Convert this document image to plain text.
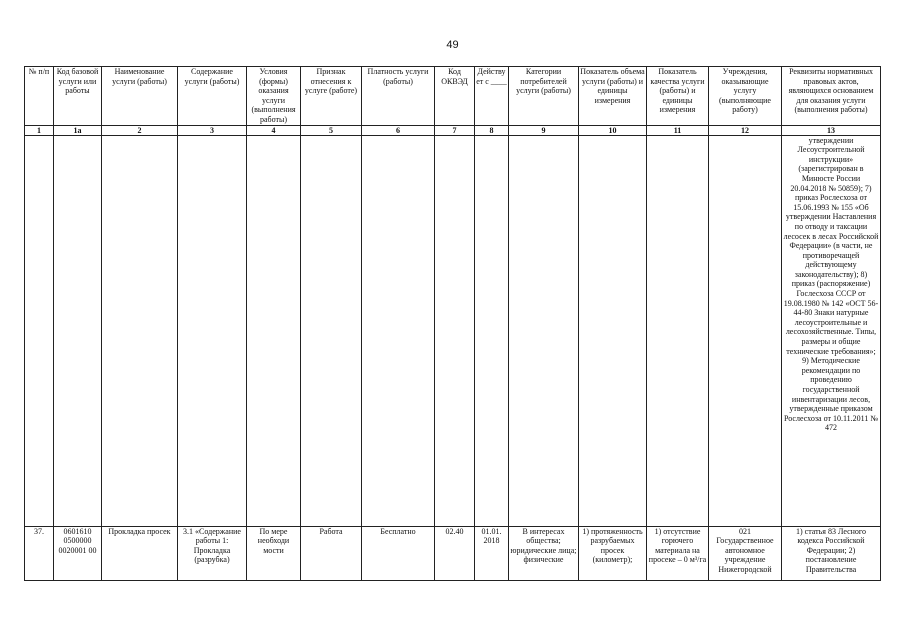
49
№ п/п	Код базовой услуги или работы	Наименование услуги (работы)	Содержание услуги (работы)	Условия (формы) оказания услуги (выполнения работы)	Признак отнесения к услуге (работе)	Платность услуги (работы)	Код ОКВЭД	Действует с ____	Категории потребителей услуги (работы)	Показатель объема услуги (работы) и единицы измерения	Показатель качества услуги (работы) и единицы измерения	Учреждения, оказывающие услугу (выполняющие работу)	Реквизиты нормативных правовых актов, являющихся основанием для оказания услуги (выполнения работы)
1	1а	2	3	4	5	6	7	8	9	10	11	12	13
													утверждении Лесоустроительной инструкции» (зарегистрирован в Минюсте России 20.04.2018 № 50859); 7) приказ Рослесхоза от 15.06.1993 № 155 «Об утверждении Наставления по отводу и таксации лесосек в лесах Российской Федерации» (в части, не противоречащей действующему законодательству); 8) приказ (распоряжение) Гослесхоза СССР от 19.08.1980 № 142 «ОСТ 56-44-80 Знаки натурные лесоустроительные и лесохозяйственные. Типы, размеры и общие технические требования»; 9) Методические рекомендации по проведению государственной инвентаризации лесов, утвержденные приказом Рослесхоза от 10.11.2011 № 472
37.	0601610 0500000 0020001 00	Прокладка просек	3.1 «Содержание работы 1: Прокладка (разрубка)	По мере необходи мости	Работа	Бесплатно	02.40	01.01. 2018	В интересах общества; юридические лица; физические	1) протяженность разрубаемых просек (километр);	1) отсутствие горючего материала на просеке – 0 м³/га	021 Государственное автономное учреждение Нижегородской	1) статья 83 Лесного кодекса Российской Федерации; 2) постановление Правительства
